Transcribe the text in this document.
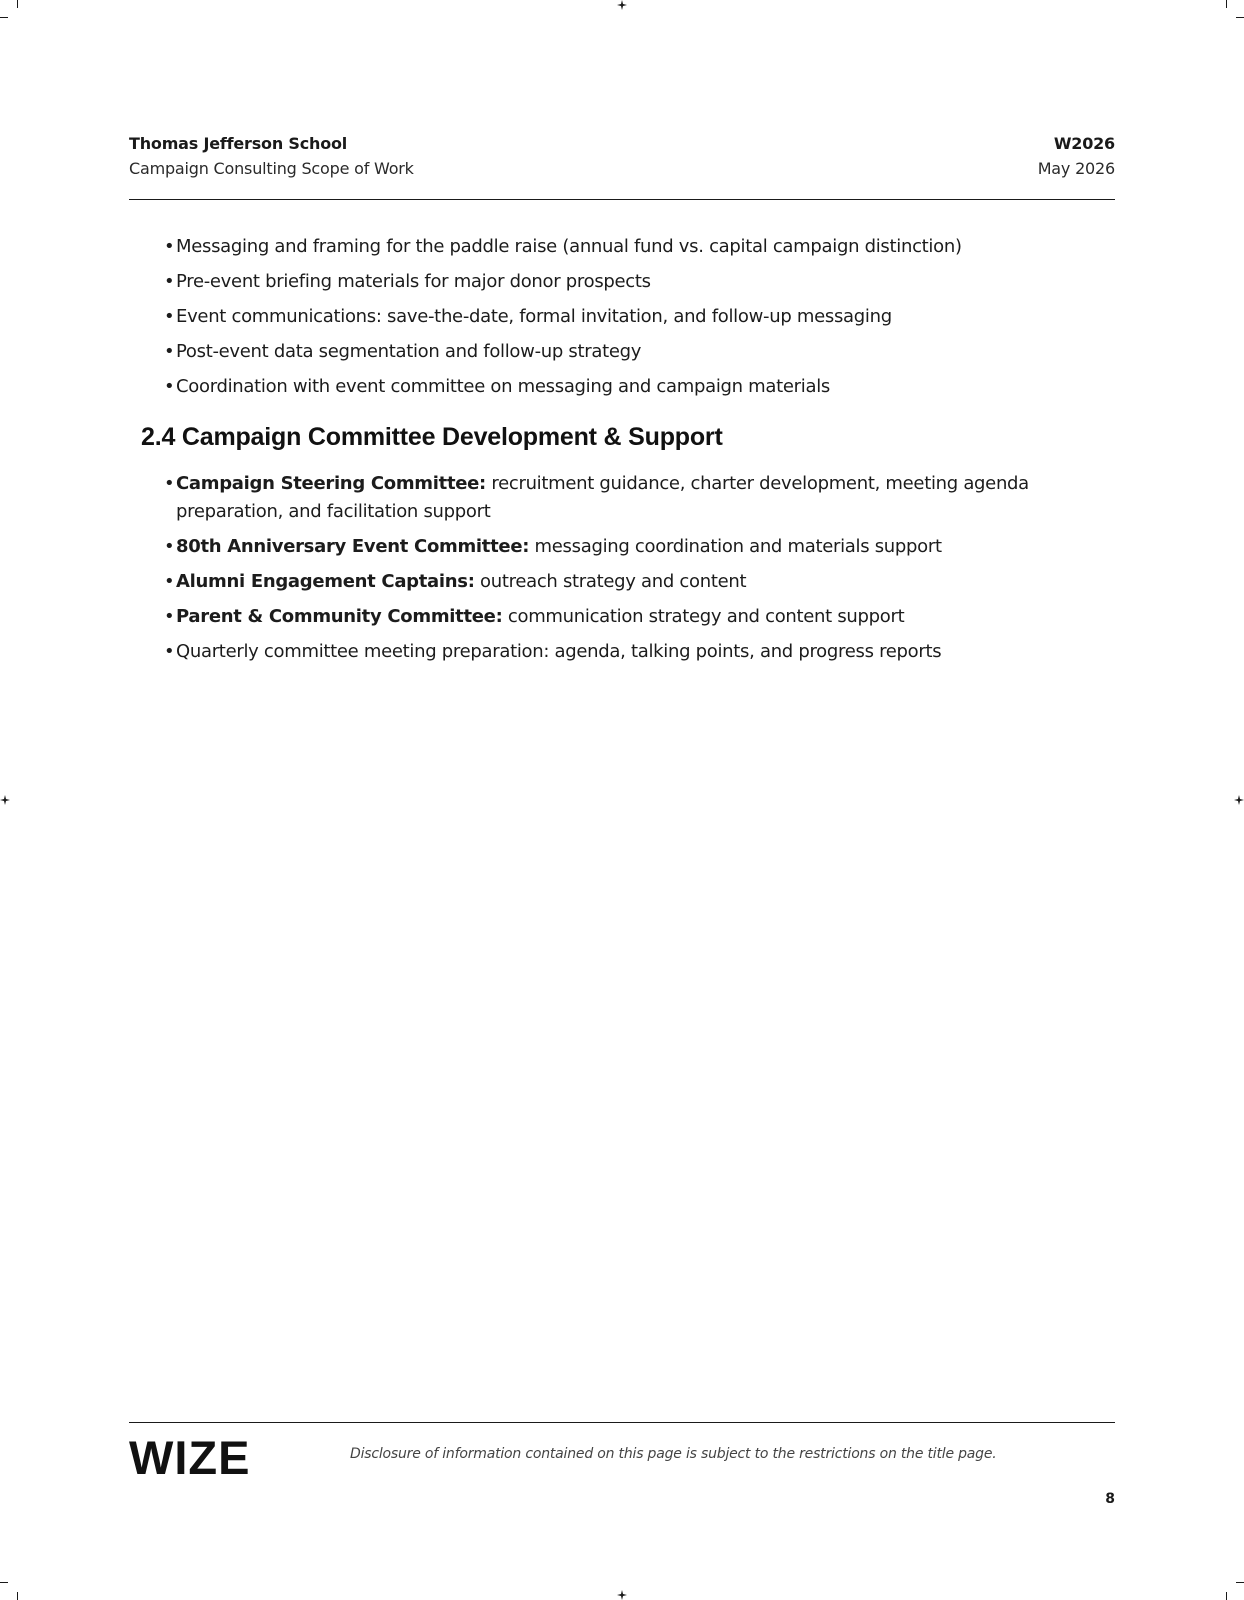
Thomas Jefferson School
Campaign Consulting Scope of Work
W2026
May 2026
• Messaging and framing for the paddle raise (annual fund vs. capital campaign distinction)
• Pre-event briefing materials for major donor prospects
• Event communications: save-the-date, formal invitation, and follow-up messaging
• Post-event data segmentation and follow-up strategy
• Coordination with event committee on messaging and campaign materials
2.4 Campaign Committee Development & Support
• Campaign Steering Committee: recruitment guidance, charter development, meeting agenda preparation, and facilitation support
• 80th Anniversary Event Committee: messaging coordination and materials support
• Alumni Engagement Captains: outreach strategy and content
• Parent & Community Committee: communication strategy and content support
• Quarterly committee meeting preparation: agenda, talking points, and progress reports
WIZE	Disclosure of information contained on this page is subject to the restrictions on the title page.
8
